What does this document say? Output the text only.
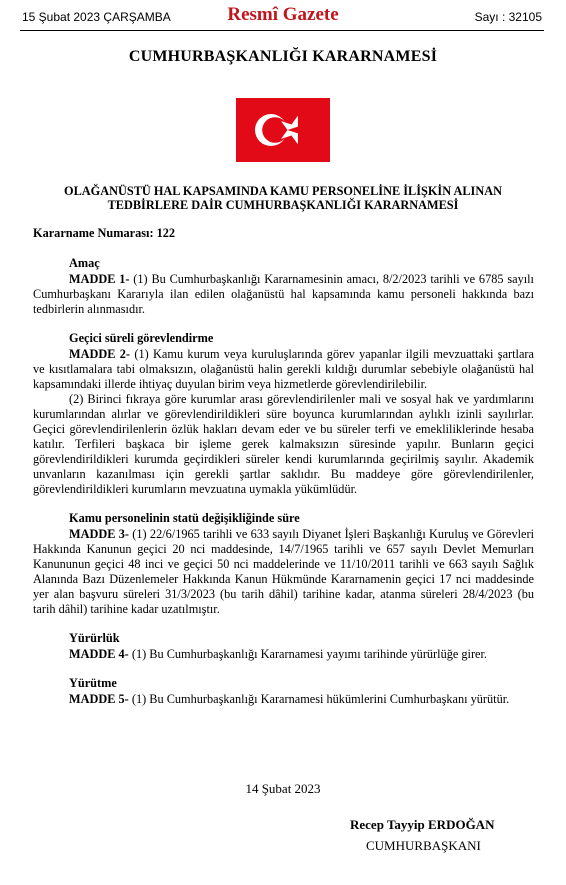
15 Şubat 2023 ÇARŞAMBA	Resmî Gazete	Sayı : 32105
CUMHURBAŞKANLIĞI KARARNAMESİ
OLAĞANÜSTÜ HAL KAPSAMINDA KAMU PERSONELİNE İLİŞKİN ALINAN
TEDBİRLERE DAİR CUMHURBAŞKANLIĞI KARARNAMESİ

Kararname Numarası: 122

Amaç

MADDE 1- (1) Bu Cumhurbaşkanlığı Kararnamesinin amacı, 8/2/2023 tarihli ve 6785 sayılı Cumhurbaşkanı Kararıyla ilan edilen olağanüstü hal kapsamında kamu personeli hakkında bazı tedbirlerin alınmasıdır.

Geçici süreli görevlendirme

MADDE 2- (1) Kamu kurum veya kuruluşlarında görev yapanlar ilgili mevzuattaki şartlara ve kısıtlamalara tabi olmaksızın, olağanüstü halin gerekli kıldığı durumlar sebebiyle olağanüstü hal kapsamındaki illerde ihtiyaç duyulan birim veya hizmetlerde görevlendirilebilir.

(2) Birinci fıkraya göre kurumlar arası görevlendirilenler mali ve sosyal hak ve yardımlarını kurumlarından alırlar ve görevlendirildikleri süre boyunca kurumlarından aylıklı izinli sayılırlar. Geçici görevlendirilenlerin özlük hakları devam eder ve bu süreler terfi ve emekliliklerinde hesaba katılır. Terfileri başkaca bir işleme gerek kalmaksızın süresinde yapılır. Bunların geçici görevlendirildikleri kurumda geçirdikleri süreler kendi kurumlarında geçirilmiş sayılır. Akademik unvanların kazanılması için gerekli şartlar saklıdır. Bu maddeye göre görevlendirilenler, görevlendirildikleri kurumların mevzuatına uymakla yükümlüdür.

Kamu personelinin statü değişikliğinde süre

MADDE 3- (1) 22/6/1965 tarihli ve 633 sayılı Diyanet İşleri Başkanlığı Kuruluş ve Görevleri Hakkında Kanunun geçici 20 nci maddesinde, 14/7/1965 tarihli ve 657 sayılı Devlet Memurları Kanununun geçici 48 inci ve geçici 50 nci maddelerinde ve 11/10/2011 tarihli ve 663 sayılı Sağlık Alanında Bazı Düzenlemeler Hakkında Kanun Hükmünde Kararnamenin geçici 17 nci maddesinde yer alan başvuru süreleri 31/3/2023 (bu tarih dâhil) tarihine kadar, atanma süreleri 28/4/2023 (bu tarih dâhil) tarihine kadar uzatılmıştır.

Yürürlük

MADDE 4- (1) Bu Cumhurbaşkanlığı Kararnamesi yayımı tarihinde yürürlüğe girer.

Yürütme

MADDE 5- (1) Bu Cumhurbaşkanlığı Kararnamesi hükümlerini Cumhurbaşkanı yürütür.

14 Şubat 2023
Recep Tayyip ERDOĞAN
CUMHURBAŞKANI
